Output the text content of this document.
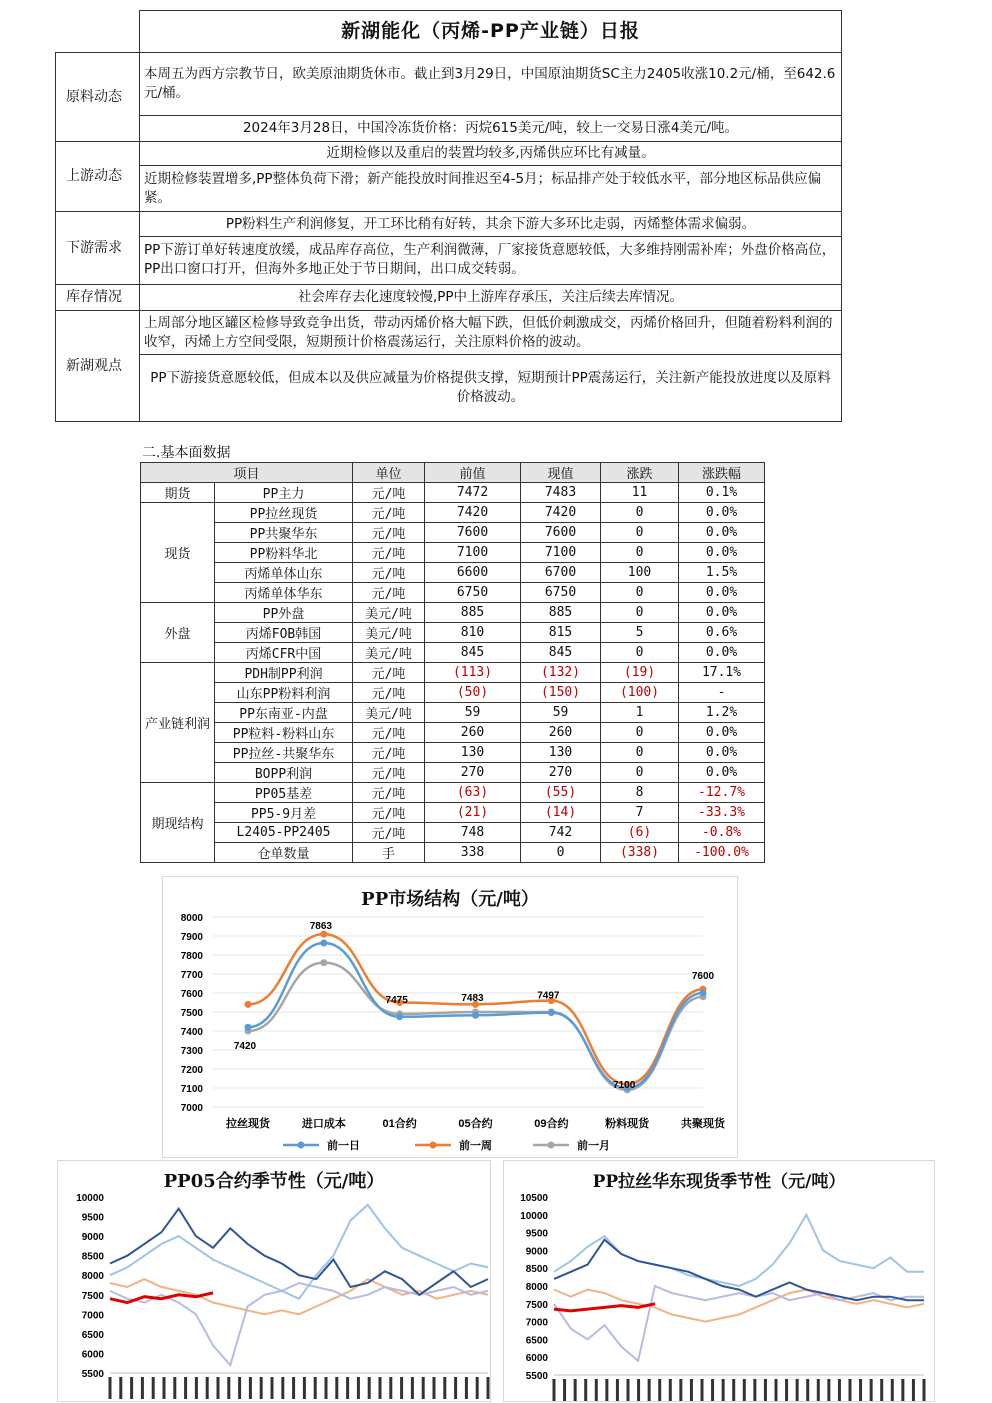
	新湖能化（丙烯-PP产业链）日报
原料动态	本周五为西方宗教节日，欧美原油期货休市。截止到3月29日，中国原油期货SC主力2405收涨10.2元/桶，至642.6元/桶。
	2024年3月28日，中国冷冻货价格：丙烷615美元/吨，较上一交易日涨4美元/吨。
上游动态	近期检修以及重启的装置均较多,丙烯供应环比有减量。
	近期检修装置增多,PP整体负荷下滑；新产能投放时间推迟至4-5月；标品排产处于较低水平，部分地区标品供应偏紧。
下游需求	PP粉料生产利润修复，开工环比稍有好转，其余下游大多环比走弱，丙烯整体需求偏弱。
	PP下游订单好转速度放缓，成品库存高位，生产利润微薄，厂家接货意愿较低，大多维持刚需补库；外盘价格高位，PP出口窗口打开，但海外多地正处于节日期间，出口成交转弱。
库存情况	社会库存去化速度较慢,PP中上游库存承压，关注后续去库情况。
新湖观点	上周部分地区罐区检修导致竞争出货，带动丙烯价格大幅下跌，但低价刺激成交，丙烯价格回升，但随着粉料利润的收窄，丙烯上方空间受限，短期预计价格震荡运行，关注原料价格的波动。
	PP下游接货意愿较低，但成本以及供应减量为价格提供支撑，短期预计PP震荡运行，关注新产能投放进度以及原料价格波动。
二.基本面数据
项目		单位	前值	现值	涨跌	涨跌幅
期货	PP主力	元/吨	7472	7483	11	0.1%
现货	PP拉丝现货	元/吨	7420	7420	0	0.0%
	PP共聚华东	元/吨	7600	7600	0	0.0%
	PP粉料华北	元/吨	7100	7100	0	0.0%
	丙烯单体山东	元/吨	6600	6700	100	1.5%
	丙烯单体华东	元/吨	6750	6750	0	0.0%
外盘	PP外盘	美元/吨	885	885	0	0.0%
	丙烯FOB韩国	美元/吨	810	815	5	0.6%
	丙烯CFR中国	美元/吨	845	845	0	0.0%
产业链利润	PDH制PP利润	元/吨	(113)	(132)	(19)	17.1%
	山东PP粉料利润	元/吨	(50)	(150)	(100)	-
	PP东南亚-内盘	美元/吨	59	59	1	1.2%
	PP粒料-粉料山东	元/吨	260	260	0	0.0%
	PP拉丝-共聚华东	元/吨	130	130	0	0.0%
	BOPP利润	元/吨	270	270	0	0.0%
期现结构	PP05基差	元/吨	(63)	(55)	8	-12.7%
	PP5-9月差	元/吨	(21)	(14)	7	-33.3%
	L2405-PP2405	元/吨	748	742	(6)	-0.8%
	仓单数量	手	338	0	(338)	-100.0%
PP市场结构（元/吨）
7000
7100
7200
7300
7400
7500
7600
7700
7800
7900
8000
拉丝现货	进口成本	01合约	05合约	09合约	粉料现货	共聚现货
7420
7863
7475	7483	7497
7100
7600
前一日	前一周	前一月
PP05合约季节性（元/吨）
5500
6000
6500
7000
7500
8000
8500
9000
9500
10000
PP拉丝华东现货季节性（元/吨）
5500
6000
6500
7000
7500
8000
8500
9000
9500
10000
10500
